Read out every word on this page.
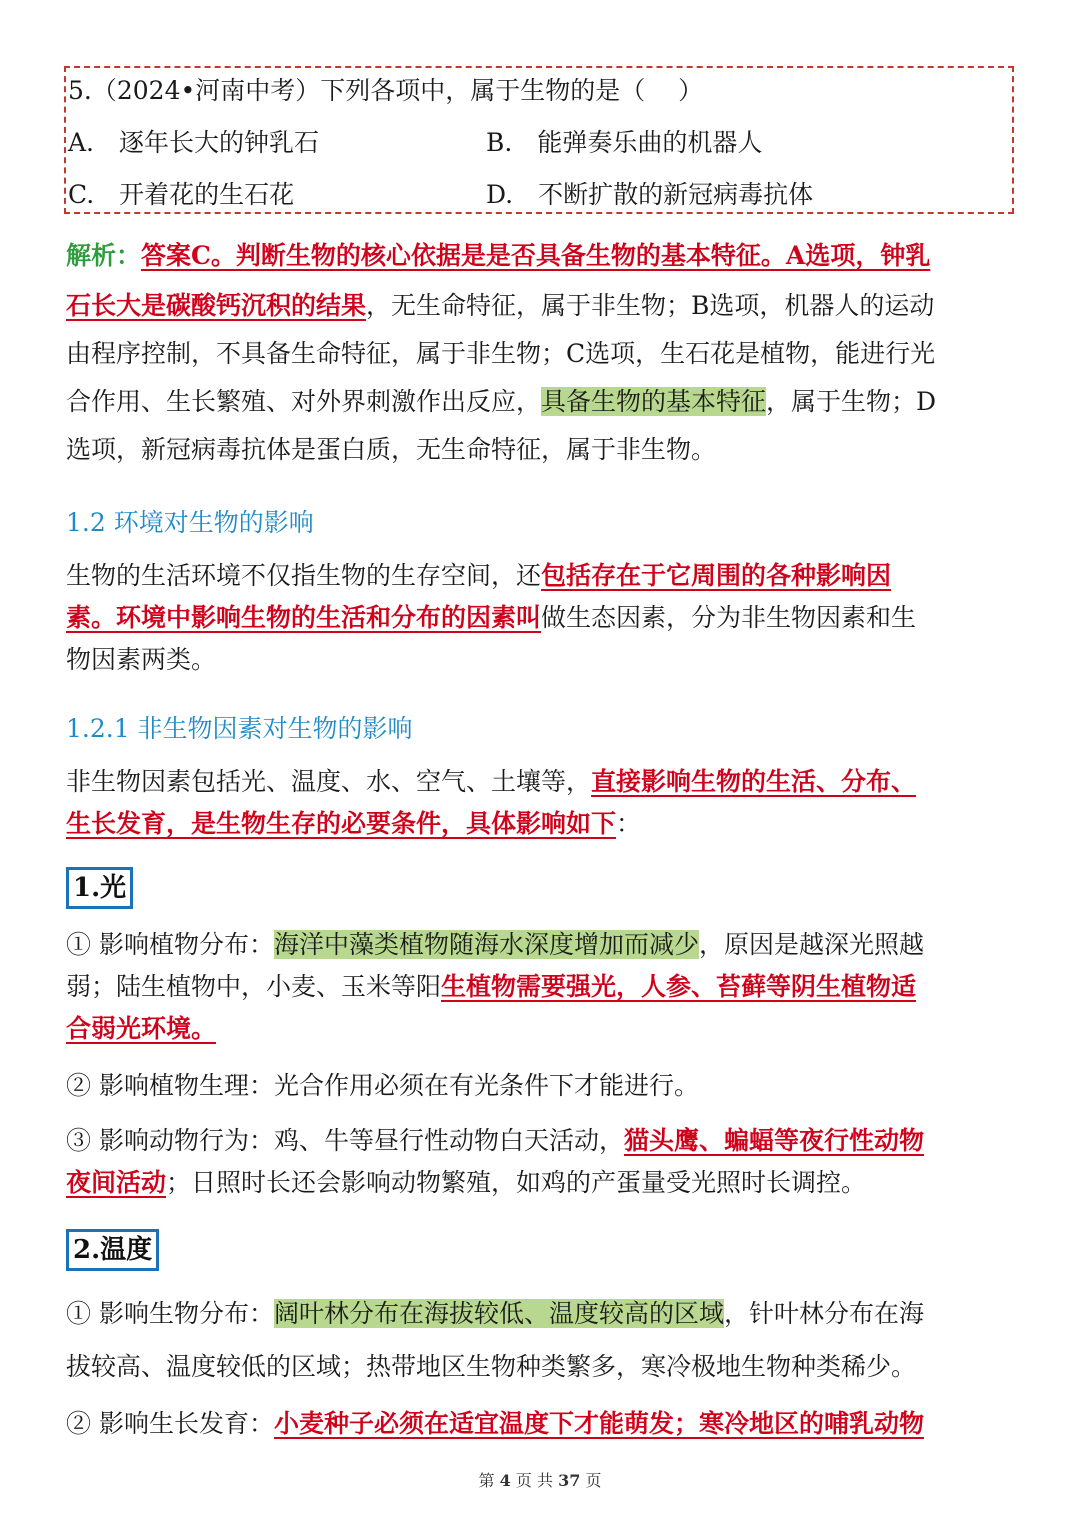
5.（2024•河南中考）下列各项中，属于生物的是（　 ）
A.　逐年长大的钟乳石	B.　能弹奏乐曲的机器人
C.　开着花的生石花	D.　不断扩散的新冠病毒抗体
解析：答案C。判断生物的核心依据是是否具备生物的基本特征。A选项，钟乳
石长大是碳酸钙沉积的结果，无生命特征，属于非生物；B选项，机器人的运动
由程序控制，不具备生命特征，属于非生物；C选项，生石花是植物，能进行光
合作用、生长繁殖、对外界刺激作出反应，具备生物的基本特征，属于生物；D
选项，新冠病毒抗体是蛋白质，无生命特征，属于非生物。
1.2 环境对生物的影响
生物的生活环境不仅指生物的生存空间，还包括存在于它周围的各种影响因
素。环境中影响生物的生活和分布的因素叫做生态因素，分为非生物因素和生
物因素两类。
1.2.1 非生物因素对生物的影响
非生物因素包括光、温度、水、空气、土壤等，直接影响生物的生活、分布、
生长发育，是生物生存的必要条件，具体影响如下：
1.光
① 影响植物分布：海洋中藻类植物随海水深度增加而减少，原因是越深光照越
弱；陆生植物中，小麦、玉米等阳生植物需要强光，人参、苔藓等阴生植物适
合弱光环境。
② 影响植物生理：光合作用必须在有光条件下才能进行。
③ 影响动物行为：鸡、牛等昼行性动物白天活动，猫头鹰、蝙蝠等夜行性动物
夜间活动；日照时长还会影响动物繁殖，如鸡的产蛋量受光照时长调控。
2.温度
① 影响生物分布：阔叶林分布在海拔较低、温度较高的区域，针叶林分布在海
拔较高、温度较低的区域；热带地区生物种类繁多，寒冷极地生物种类稀少。
② 影响生长发育：小麦种子必须在适宜温度下才能萌发；寒冷地区的哺乳动物
第 4 页 共 37 页
